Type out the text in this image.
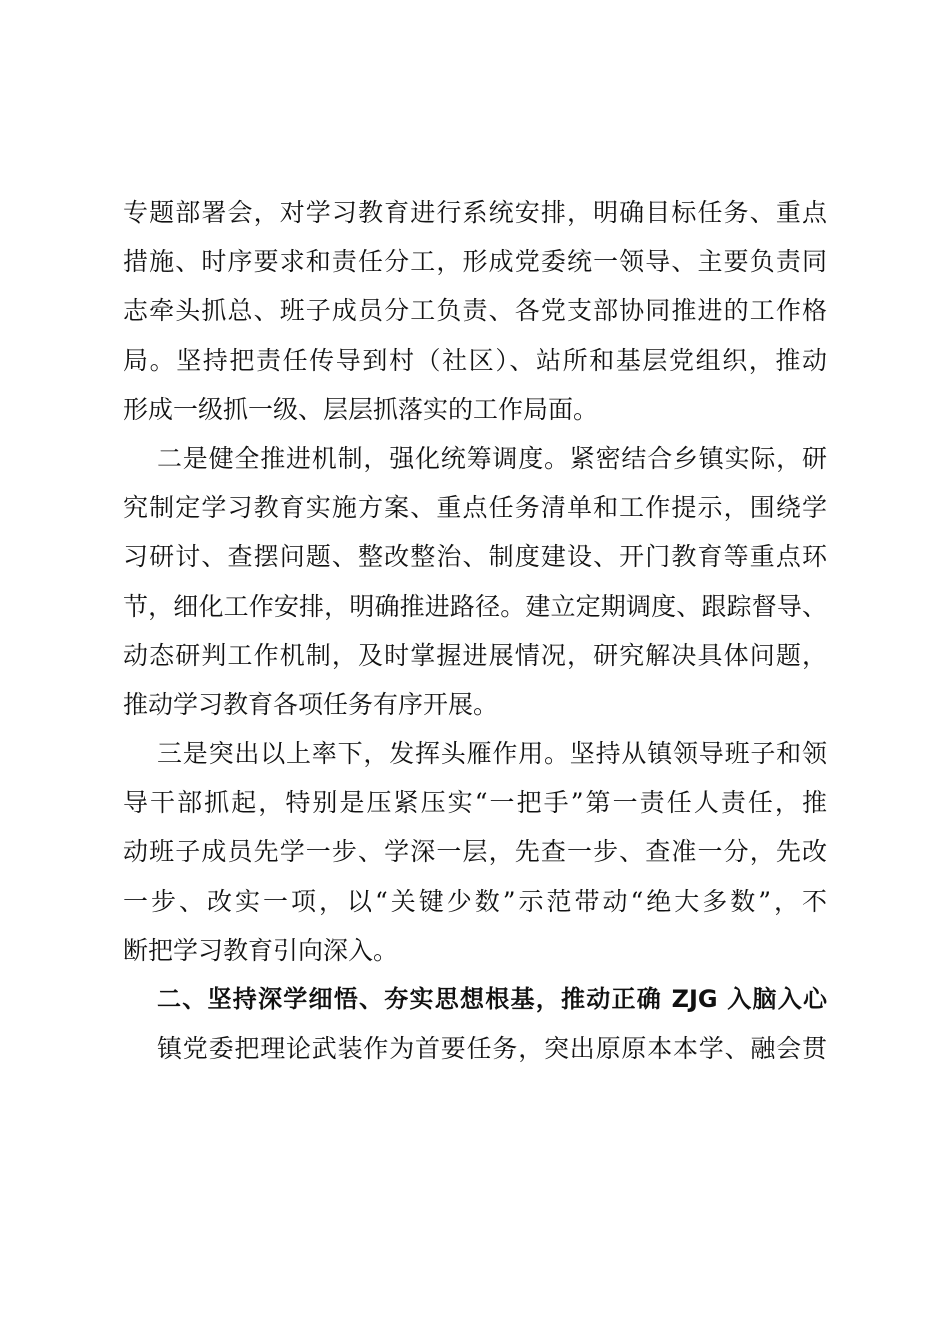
专题部署会，对学习教育进行系统安排，明确目标任务、重点
措施、时序要求和责任分工，形成党委统一领导、主要负责同
志牵头抓总、班子成员分工负责、各党支部协同推进的工作格
局。坚持把责任传导到村（社区）、站所和基层党组织，推动
形成一级抓一级、层层抓落实的工作局面。
二是健全推进机制，强化统筹调度。紧密结合乡镇实际，研
究制定学习教育实施方案、重点任务清单和工作提示，围绕学
习研讨、查摆问题、整改整治、制度建设、开门教育等重点环
节，细化工作安排，明确推进路径。建立定期调度、跟踪督导、
动态研判工作机制，及时掌握进展情况，研究解决具体问题，
推动学习教育各项任务有序开展。
三是突出以上率下，发挥头雁作用。坚持从镇领导班子和领
导干部抓起，特别是压紧压实“一把手”第一责任人责任，推
动班子成员先学一步、学深一层，先查一步、查准一分，先改
一步、改实一项，以“关键少数”示范带动“绝大多数”，不
断把学习教育引向深入。
二、坚持深学细悟、夯实思想根基，推动正确 ZJG 入脑入心
镇党委把理论武装作为首要任务，突出原原本本学、融会贯
